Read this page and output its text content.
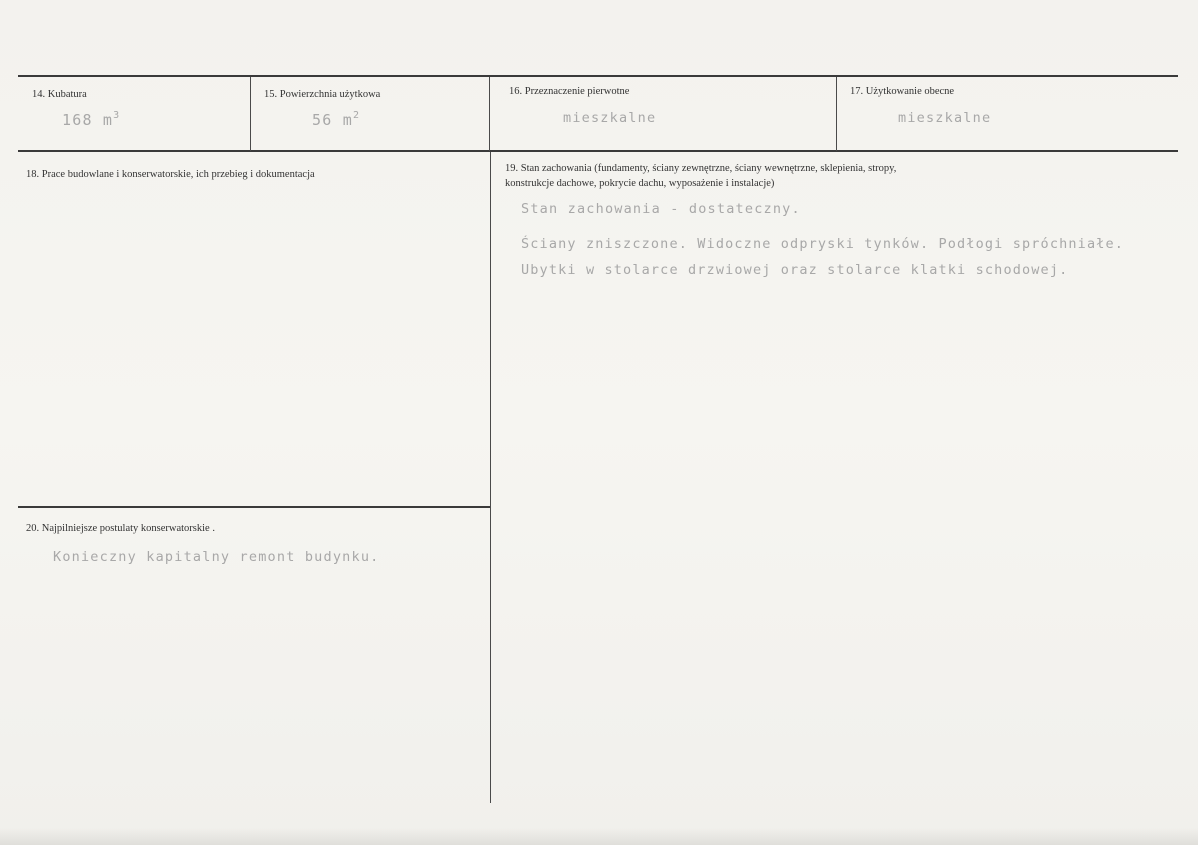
14. Kubatura
168 $m^3$
15. Powierzchnia użytkowa
56 $m^2$
16. Przeznaczenie pierwotne
mieszkalne
17. Użytkowanie obecne
mieszkalne
18. Prace budowlane i konserwatorskie, ich przebieg i dokumentacja
19. Stan zachowania (fundamenty, ściany zewnętrzne, ściany wewnętrzne, sklepienia, stropy,
konstrukcje dachowe, pokrycie dachu, wyposażenie i instalacje)
Stan zachowania - dostateczny.
Ściany zniszczone. Widoczne odpryski tynków. Podłogi spróchniałe.
Ubytki w stolarce drzwiowej oraz stolarce klatki schodowej.
20. Najpilniejsze postulaty konserwatorskie .
Konieczny kapitalny remont budynku.
